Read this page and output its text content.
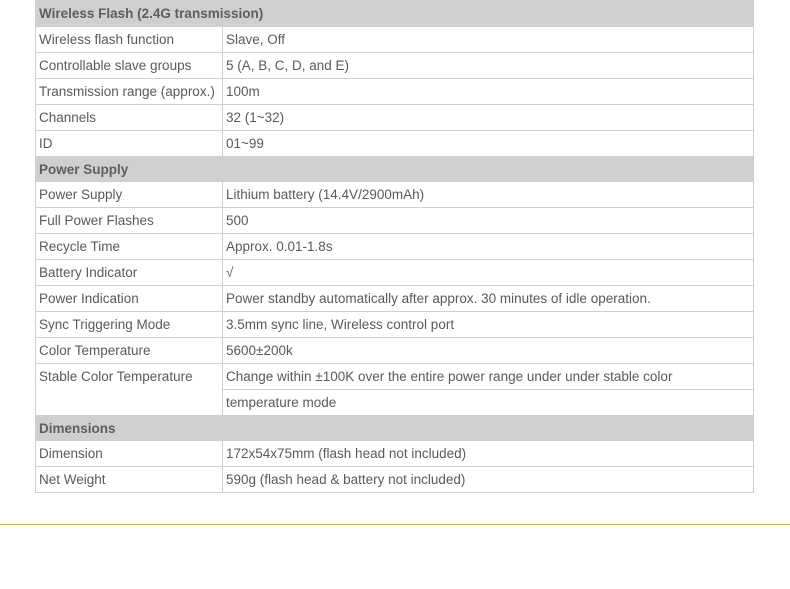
Wireless Flash (2.4G transmission)	
Wireless flash function	Slave, Off
Controllable slave groups	5 (A, B, C, D, and E)
Transmission range (approx.)	100m
Channels	32 (1~32)
ID	01~99
Power Supply	
Power Supply	Lithium battery (14.4V/2900mAh)
Full Power Flashes	500
Recycle Time	Approx. 0.01-1.8s
Battery Indicator	√
Power Indication	Power standby automatically after approx. 30 minutes of idle operation.
Sync Triggering Mode	3.5mm sync line, Wireless control port
Color Temperature	5600±200k
Stable Color Temperature	Change within ±100K over the entire power range under under stable color
temperature mode

Dimensions	
Dimension	172x54x75mm (flash head not included)
Net Weight	590g (flash head & battery not included)
